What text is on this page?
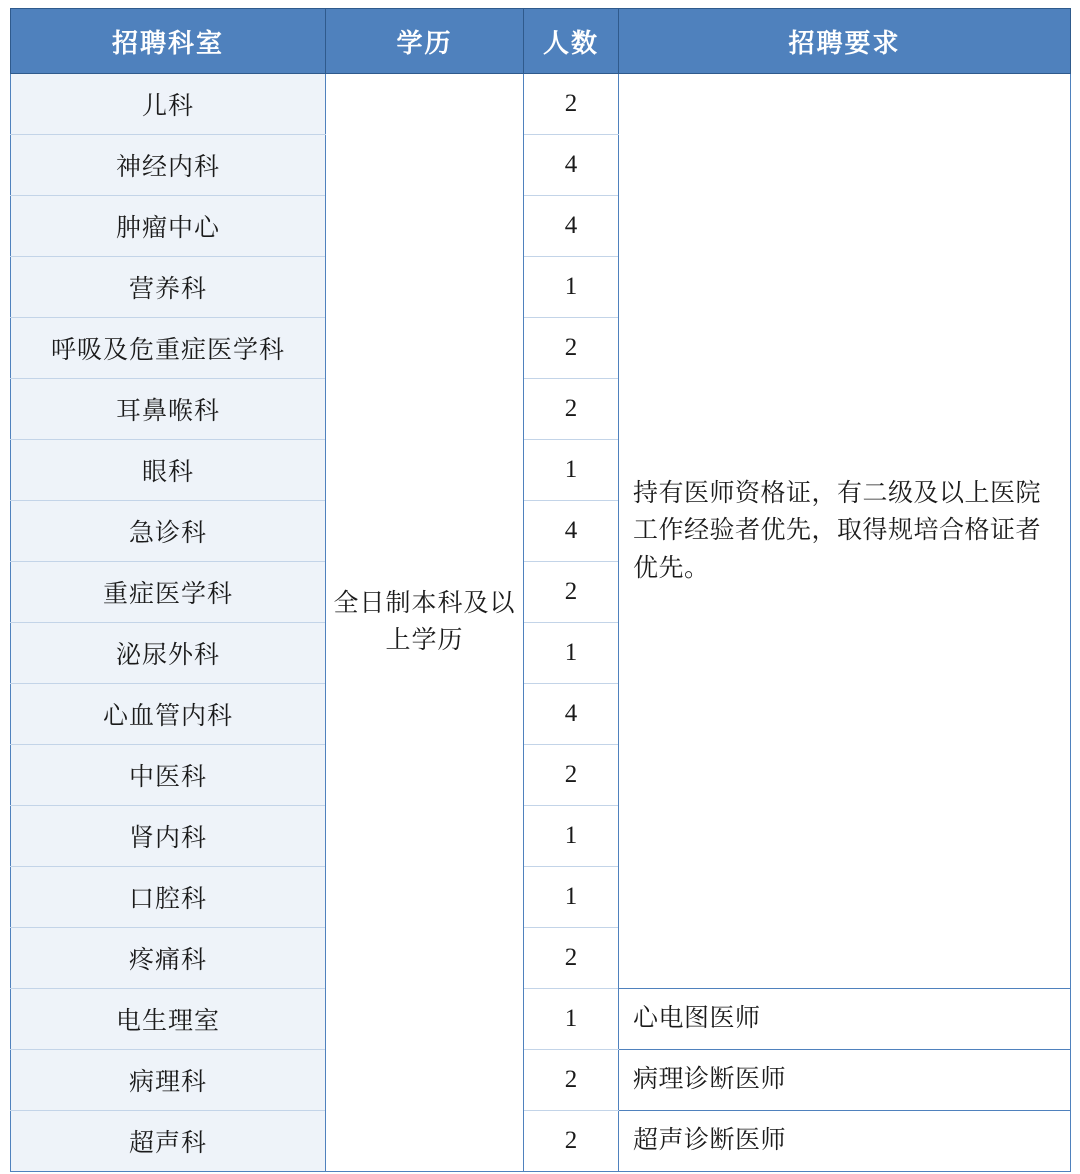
招聘科室	学历	人数	招聘要求
儿科	全日制本科及以上学历	2	持有医师资格证，有二级及以上医院工作经验者优先，取得规培合格证者优先。

神经内科		4	
肿瘤中心		4	
营养科		1	
呼吸及危重症医学科		2	
耳鼻喉科		2	
眼科		1	
急诊科		4	
重症医学科		2	
泌尿外科		1	
心血管内科		4	
中医科		2	
肾内科		1	
口腔科		1	
疼痛科		2	
电生理室		1	心电图医师
病理科		2	病理诊断医师
超声科		2	超声诊断医师
